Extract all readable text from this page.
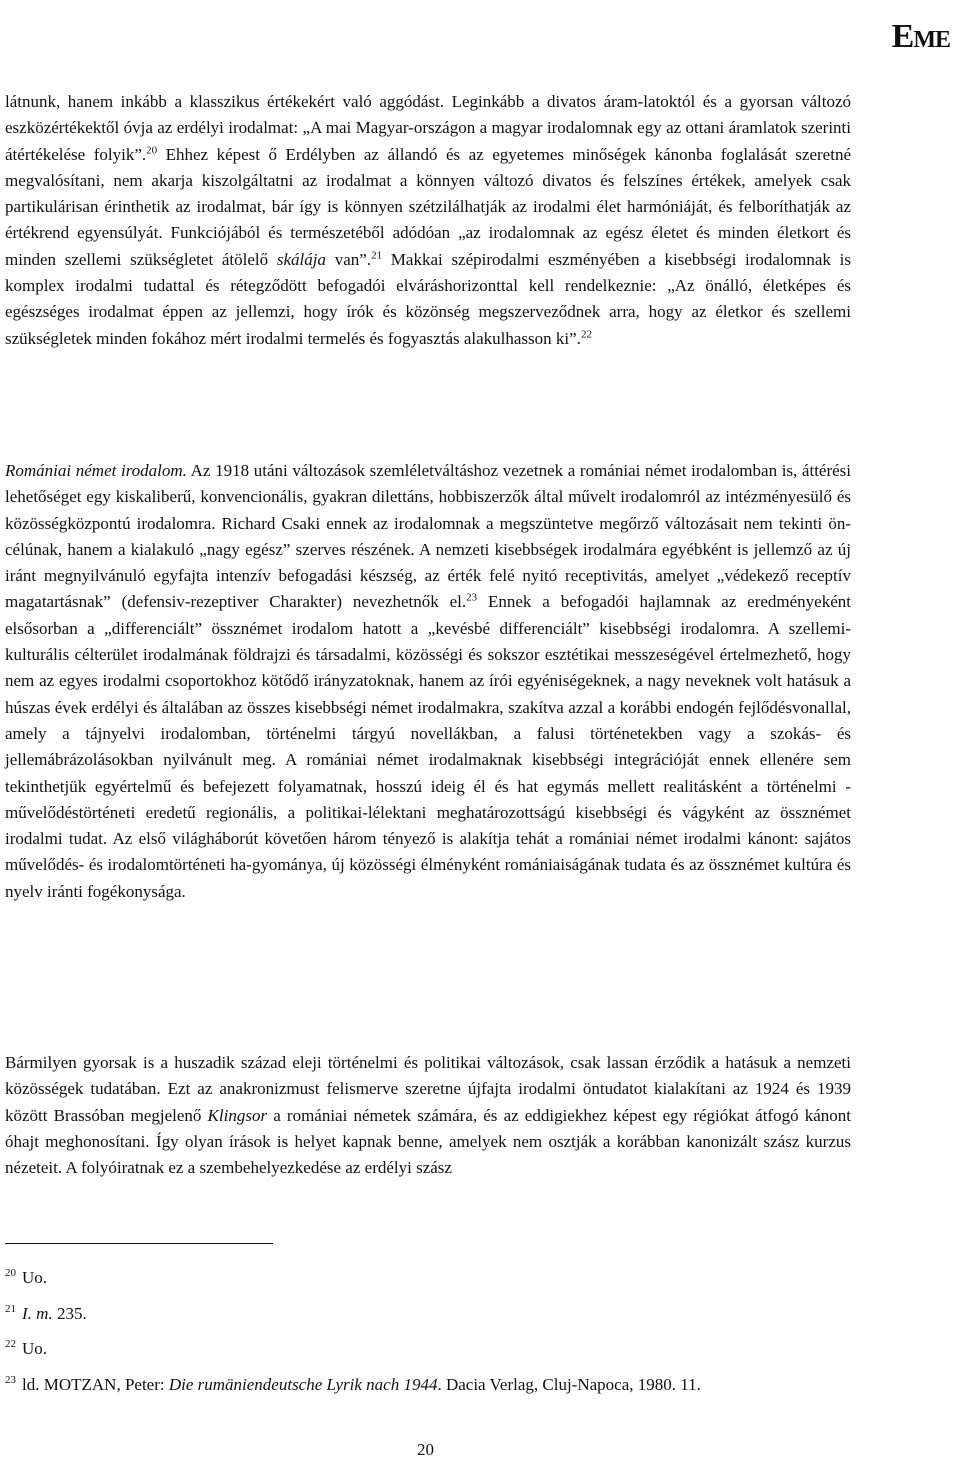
EME

látnunk, hanem inkább a klasszikus értékekért való aggódást. Leginkább a divatos áram-latoktól és a gyorsan változó eszközértékektől óvja az erdélyi irodalmat: „A mai Magyar-országon a magyar irodalomnak egy az ottani áramlatok szerinti átértékelése folyik”.$^{20}$ Ehhez képest ő Erdélyben az állandó és az egyetemes minőségek kánonba foglalását szeretné megvalósítani, nem akarja kiszolgáltatni az irodalmat a könnyen változó divatos és felszínes értékek, amelyek csak partikulárisan érinthetik az irodalmat, bár így is könnyen szétzilálhatják az irodalmi élet harmóniáját, és felboríthatják az értékrend egyensúlyát. Funkciójából és természetéből adódóan „az irodalomnak az egész életet és minden életkort és minden szellemi szükségletet átölelő skálája van”.$^{21}$ Makkai szépirodalmi eszményében a kisebbségi irodalomnak is komplex irodalmi tudattal és rétegződött befogadói elváráshorizonttal kell rendelkeznie: „Az önálló, életképes és egészséges irodalmat éppen az jellemzi, hogy írók és közönség megszerveződnek arra, hogy az életkor és szellemi szükségletek minden fokához mért irodalmi termelés és fogyasztás alakulhasson ki”.$^{22}$

Romániai német irodalom. Az 1918 utáni változások szemléletváltáshoz vezetnek a romániai német irodalomban is, áttérési lehetőséget egy kiskaliberű, konvencionális, gyakran dilettáns, hobbiszerzők által művelt irodalomról az intézményesülő és közösségközpontú irodalomra. Richard Csaki ennek az irodalomnak a megszüntetve megőrző változásait nem tekinti ön-célúnak, hanem a kialakuló „nagy egész” szerves részének. A nemzeti kisebbségek irodalmára egyébként is jellemző az új iránt megnyilvánuló egyfajta intenzív befogadási készség, az érték felé nyitó receptivitás, amelyet „védekező receptív magatartásnak” (defensiv-rezeptiver Charakter) nevezhetnők el.$^{23}$ Ennek a befogadói hajlamnak az eredményeként elsősorban a „differenciált” össznémet irodalom hatott a „kevésbé differenciált” kisebbségi irodalomra. A szellemi-kulturális célterület irodalmának földrajzi és társadalmi, közösségi és sokszor esztétikai messzeségével értelmezhető, hogy nem az egyes irodalmi csoportokhoz kötődő irányzatoknak, hanem az írói egyéniségeknek, a nagy neveknek volt hatásuk a húszas évek erdélyi és általában az összes kisebbségi német irodalmakra, szakítva azzal a korábbi endogén fejlődésvonallal, amely a tájnyelvi irodalomban, történelmi tárgyú novellákban, a falusi történetekben vagy a szokás- és jellemábrázolásokban nyilvánult meg. A romániai német irodalmaknak kisebbségi integrációját ennek ellenére sem tekinthetjük egyértelmű és befejezett folyamatnak, hosszú ideig él és hat egymás mellett realitásként a történelmi - művelődéstörténeti eredetű regionális, a politikai-lélektani meghatározottságú kisebbségi és vágyként az össznémet irodalmi tudat. Az első világháborút követően három tényező is alakítja tehát a romániai német irodalmi kánont: sajátos művelődés- és irodalomtörténeti ha-gyománya, új közösségi élményként romániaiságának tudata és az össznémet kultúra és nyelv iránti fogékonysága.

Bármilyen gyorsak is a huszadik század eleji történelmi és politikai változások, csak lassan érződik a hatásuk a nemzeti közösségek tudatában. Ezt az anakronizmust felismerve szeretne újfajta irodalmi öntudatot kialakítani az 1924 és 1939 között Brassóban megjelenő Klingsor a romániai németek számára, és az eddigiekhez képest egy régiókat átfogó kánont óhajt meghonosítani. Így olyan írások is helyet kapnak benne, amelyek nem osztják a korábban kanonizált szász kurzus nézeteit. A folyóiratnak ez a szembehelyezkedése az erdélyi szász

$^{20}$ Uo.
$^{21}$ I. m. 235.
$^{22}$ Uo.
$^{23}$ ld. MOTZAN, Peter: Die rumäniendeutsche Lyrik nach 1944. Dacia Verlag, Cluj-Napoca, 1980. 11.
20
